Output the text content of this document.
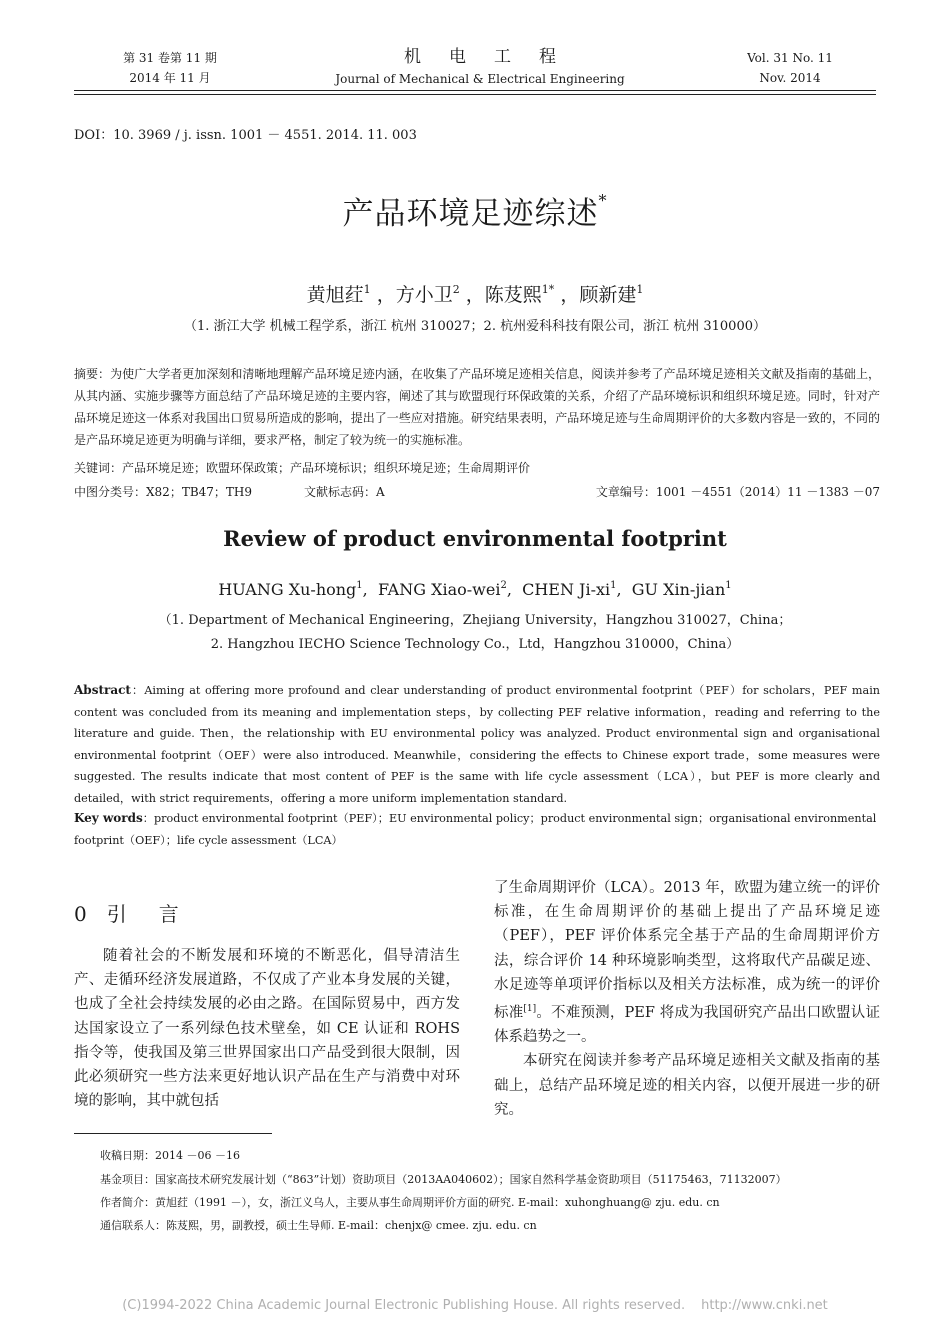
第 31 卷第 11 期
2014 年 11 月
机电工程
Journal of Mechanical & Electrical Engineering
Vol. 31 No. 11
Nov. 2014
DOI：10. 3969 / j. issn. 1001 － 4551. 2014. 11. 003
产品环境足迹综述*
黄旭荭$^1$ ，方小卫$^2$ ，陈芨熙$^{1*}$ ，顾新建$^1$
（1. 浙江大学 机械工程学系，浙江 杭州 310027；2. 杭州爱科科技有限公司，浙江 杭州 310000）
摘要：为使广大学者更加深刻和清晰地理解产品环境足迹内涵，在收集了产品环境足迹相关信息，阅读并参考了产品环境足迹相关文献及指南的基础上，从其内涵、实施步骤等方面总结了产品环境足迹的主要内容，阐述了其与欧盟现行环保政策的关系，介绍了产品环境标识和组织环境足迹。同时，针对产品环境足迹这一体系对我国出口贸易所造成的影响，提出了一些应对措施。研究结果表明，产品环境足迹与生命周期评价的大多数内容是一致的，不同的是产品环境足迹更为明确与详细，要求严格，制定了较为统一的实施标准。
关键词：产品环境足迹；欧盟环保政策；产品环境标识；组织环境足迹；生命周期评价
中图分类号：X82；TB47；TH9	文献标志码：A	文章编号：1001 －4551（2014）11 －1383 －07
Review of product environmental footprint
HUANG Xu-hong$^1$,  FANG Xiao-wei$^2$,  CHEN $Ji-xi^1$,  GU Xin-jian$^1$
（1. Department of Mechanical Engineering，Zhejiang University，Hangzhou 310027，China；
2. Hangzhou IECHO Science Technology Co.，Ltd，Hangzhou 310000，China）
Abstract：Aiming at offering more profound and clear understanding of product environmental footprint（PEF）for scholars，PEF main content was concluded from its meaning and implementation steps，by collecting PEF relative information，reading and referring to the literature and guide. Then，the relationship with EU environmental policy was analyzed. Product environmental sign and organisational environmental footprint（OEF）were also introduced. Meanwhile，considering the effects to Chinese export trade，some measures were suggested. The results indicate that most content of PEF is the same with life cycle assessment（LCA），but PEF is more clearly and detailed，with strict requirements，offering a more uniform implementation standard.
Key words：product environmental footprint（PEF）；EU environmental policy；product environmental sign；organisational environmental footprint（OEF）；life cycle assessment（LCA）
0 引　言

随着社会的不断发展和环境的不断恶化，倡导清洁生产、走循环经济发展道路，不仅成了产业本身发展的关键，也成了全社会持续发展的必由之路。在国际贸易中，西方发达国家设立了一系列绿色技术壁垒，如 CE 认证和 ROHS 指令等，使我国及第三世界国家出口产品受到很大限制，因此必须研究一些方法来更好地认识产品在生产与消费中对环境的影响，其中就包括

了生命周期评价（LCA）。2013 年，欧盟为建立统一的评价标准，在生命周期评价的基础上提出了产品环境足迹（PEF），PEF 评价体系完全基于产品的生命周期评价方法，综合评价 14 种环境影响类型，这将取代产品碳足迹、水足迹等单项评价指标以及相关方法标准，成为统一的评价标准[1]。不难预测，PEF 将成为我国研究产品出口欧盟认证体系趋势之一。

本研究在阅读并参考产品环境足迹相关文献及指南的基础上，总结产品环境足迹的相关内容，以便开展进一步的研究。

收稿日期：2014 －06 －16
基金项目：国家高技术研究发展计划（“863”计划）资助项目（2013AA040602）；国家自然科学基金资助项目（51175463，71132007）
作者简介：黄旭荭（1991 －），女，浙江义乌人，主要从事生命周期评价方面的研究. E-mail：xuhonghuang@ zju. edu. cn
通信联系人：陈芨熙，男，副教授，硕士生导师. E-mail：chenjx@ cmee. zju. edu. cn
(C)1994-2022 China Academic Journal Electronic Publishing House. All rights reserved. http://www.cnki.net
